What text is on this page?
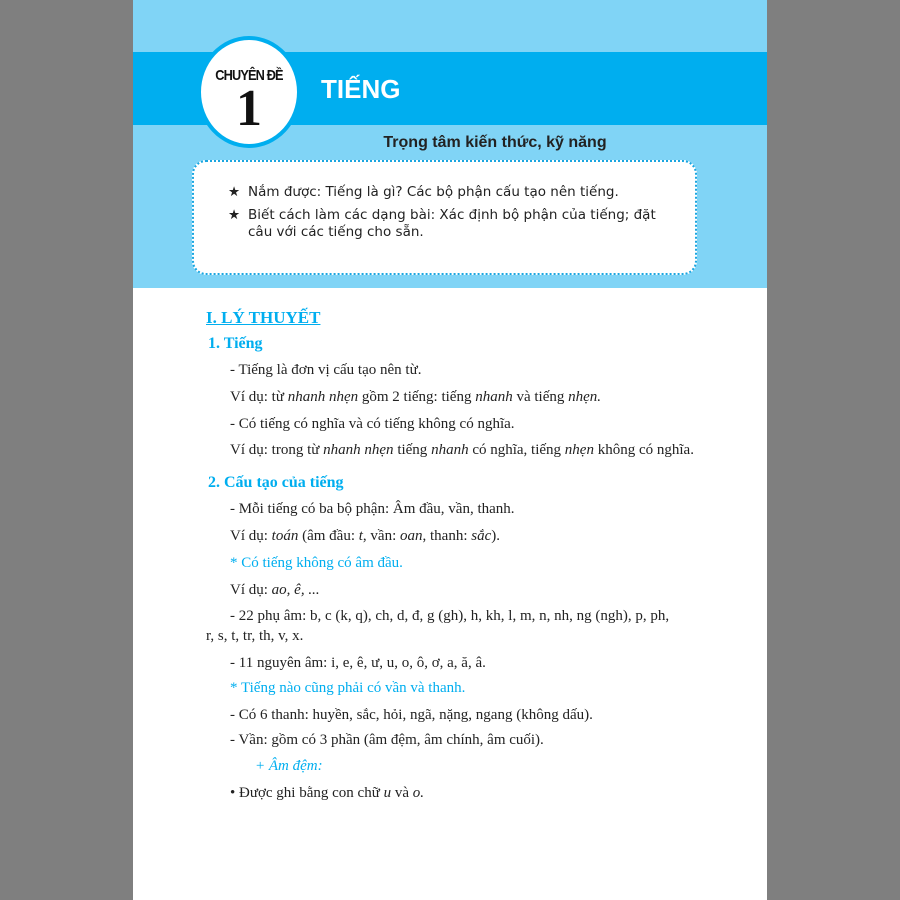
CHUYÊN ĐỀ
1	TIẾNG
Trọng tâm kiến thức, kỹ năng
★ Nắm được: Tiếng là gì? Các bộ phận cấu tạo nên tiếng.
★ Biết cách làm các dạng bài: Xác định bộ phận của tiếng; đặt câu với các tiếng cho sẵn.
I. LÝ THUYẾT
1. Tiếng
- Tiếng là đơn vị cấu tạo nên từ.
Ví dụ: từ nhanh nhẹn gồm 2 tiếng: tiếng nhanh và tiếng nhẹn.
- Có tiếng có nghĩa và có tiếng không có nghĩa.
Ví dụ: trong từ nhanh nhẹn tiếng nhanh có nghĩa, tiếng nhẹn không có nghĩa.
2. Cấu tạo của tiếng
- Mỗi tiếng có ba bộ phận: Âm đầu, vần, thanh.
Ví dụ: toán (âm đầu: t, vần: oan, thanh: sắc).
* Có tiếng không có âm đầu.
Ví dụ: ao, ê, ...
- 22 phụ âm: b, c (k, q), ch, d, đ, g (gh), h, kh, l, m, n, nh, ng (ngh), p, ph,
r, s, t, tr, th, v, x.
- 11 nguyên âm: i, e, ê, ư, u, o, ô, ơ, a, ă, â.
* Tiếng nào cũng phải có vần và thanh.
- Có 6 thanh: huyền, sắc, hỏi, ngã, nặng, ngang (không dấu).
- Vần: gồm có 3 phần (âm đệm, âm chính, âm cuối).
+ Âm đệm:
• Được ghi bằng con chữ u và o.
